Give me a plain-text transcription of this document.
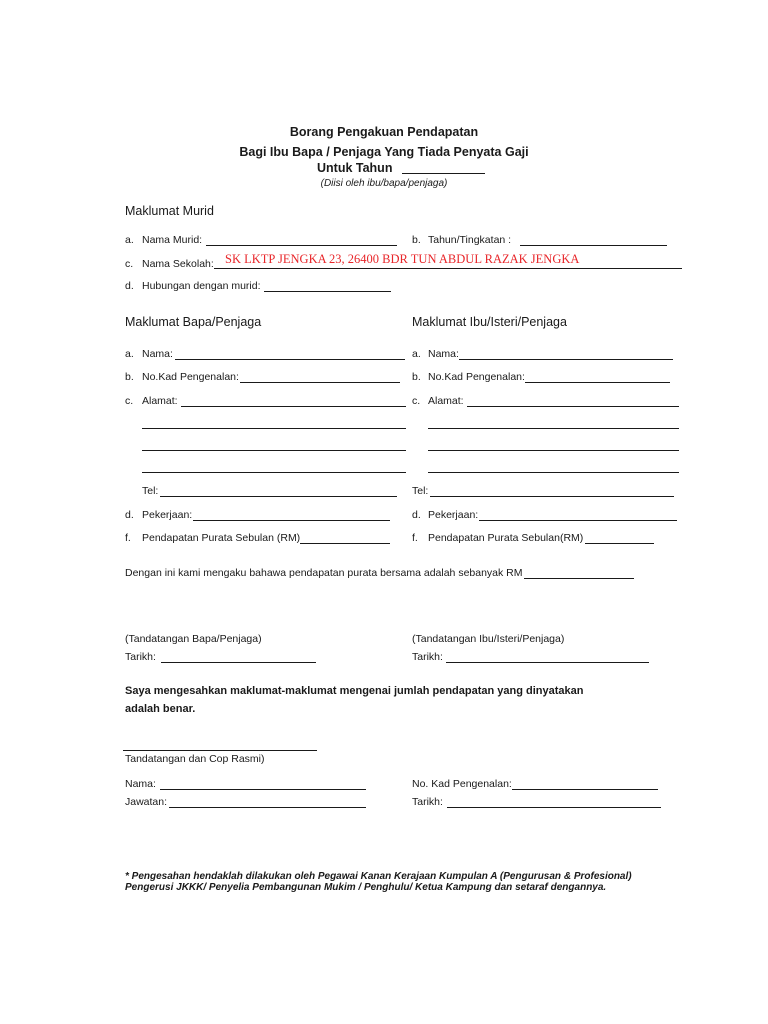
Borang Pengakuan Pendapatan
Bagi Ibu Bapa / Penjaga Yang Tiada Penyata Gaji
Untuk Tahun
(Diisi oleh ibu/bapa/penjaga)
Maklumat Murid
a. Nama Murid:	b. Tahun/Tingkatan :
c. Nama Sekolah: SK LKTP JENGKA 23, 26400 BDR TUN ABDUL RAZAK JENGKA
d. Hubungan dengan murid:
Maklumat Bapa/Penjaga
a. Nama:
b. No.Kad Pengenalan:
c. Alamat:
Tel:
d. Pekerjaan:
f. Pendapatan Purata Sebulan (RM)
Maklumat Ibu/Isteri/Penjaga
a. Nama:
b. No.Kad Pengenalan:
c. Alamat:
Tel:
d. Pekerjaan:
f. Pendapatan Purata Sebulan(RM)
Dengan ini kami mengaku bahawa pendapatan purata bersama adalah sebanyak RM
(Tandatangan Bapa/Penjaga)
Tarikh:
(Tandatangan Ibu/Isteri/Penjaga)
Tarikh:
Saya mengesahkan maklumat-maklumat mengenai jumlah pendapatan yang dinyatakan
adalah benar.
Tandatangan dan Cop Rasmi)
Nama:
Jawatan:
No. Kad Pengenalan:
Tarikh:
* Pengesahan hendaklah dilakukan oleh Pegawai Kanan Kerajaan Kumpulan A (Pengurusan & Profesional)
Pengerusi JKKK/ Penyelia Pembangunan Mukim / Penghulu/ Ketua Kampung dan setaraf dengannya.
